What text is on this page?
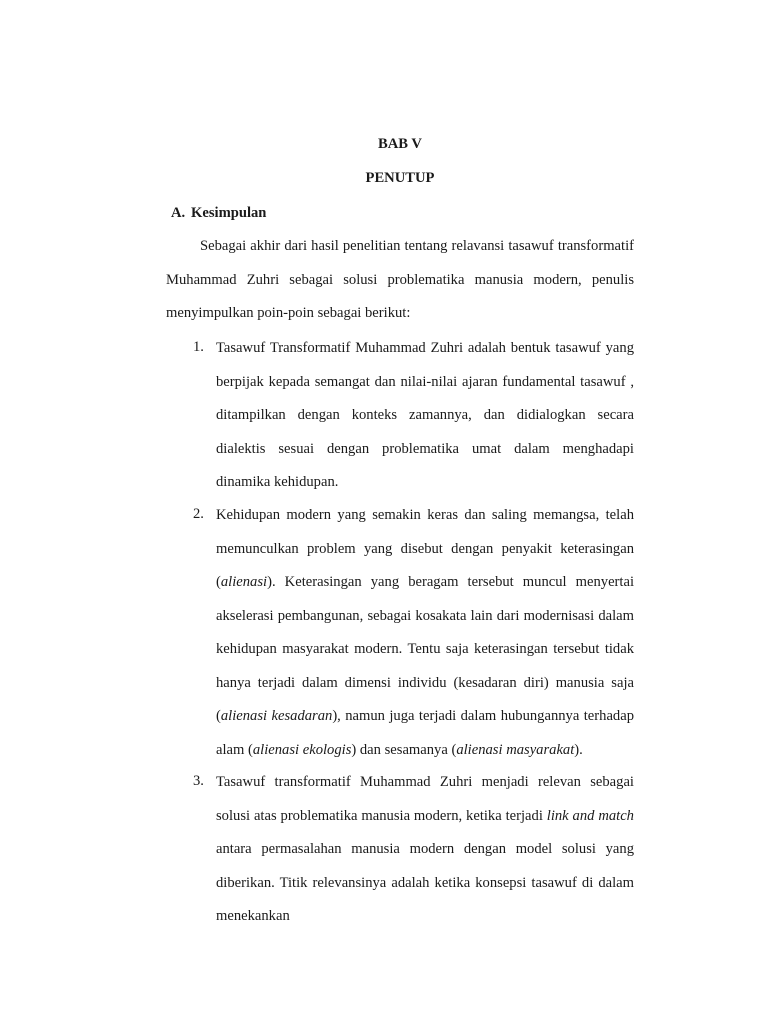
BAB V
PENUTUP
A. Kesimpulan

Sebagai akhir dari hasil penelitian tentang relavansi tasawuf transformatif Muhammad Zuhri sebagai solusi problematika manusia modern, penulis menyimpulkan poin-poin sebagai berikut:

1. Tasawuf Transformatif Muhammad Zuhri adalah bentuk tasawuf yang berpijak kepada semangat dan nilai-nilai ajaran fundamental tasawuf , ditampilkan dengan konteks zamannya, dan didialogkan secara dialektis sesuai dengan problematika umat dalam menghadapi dinamika kehidupan.

2. Kehidupan modern yang semakin keras dan saling memangsa, telah memunculkan problem yang disebut dengan penyakit keterasingan (alienasi). Keterasingan yang beragam tersebut muncul menyertai akselerasi pembangunan, sebagai kosakata lain dari modernisasi dalam kehidupan masyarakat modern. Tentu saja keterasingan tersebut tidak hanya terjadi dalam dimensi individu (kesadaran diri) manusia saja (alienasi kesadaran), namun juga terjadi dalam hubungannya terhadap alam (alienasi ekologis) dan sesamanya (alienasi masyarakat).

3. Tasawuf transformatif Muhammad Zuhri menjadi relevan sebagai solusi atas problematika manusia modern, ketika terjadi link and match antara permasalahan manusia modern dengan model solusi yang diberikan. Titik relevansinya adalah ketika konsepsi tasawuf di dalam menekankan
